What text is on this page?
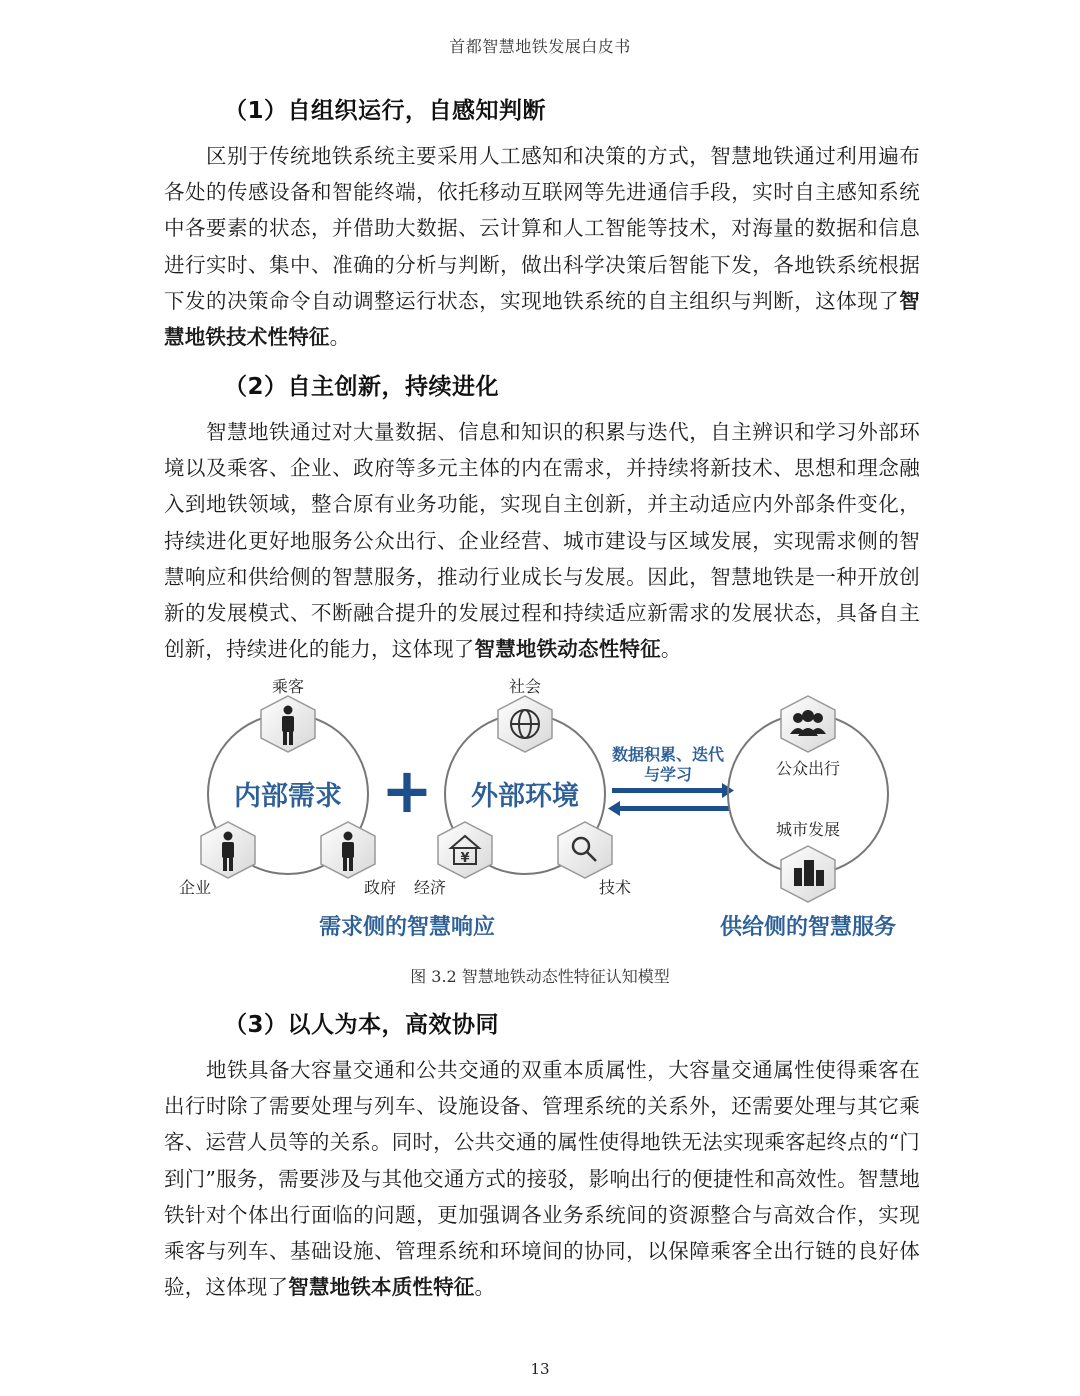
首都智慧地铁发展白皮书
（1）自组织运行，自感知判断
区别于传统地铁系统主要采用人工感知和决策的方式，智慧地铁通过利用遍布各处的传感设备和智能终端，依托移动互联网等先进通信手段，实时自主感知系统中各要素的状态，并借助大数据、云计算和人工智能等技术，对海量的数据和信息进行实时、集中、准确的分析与判断，做出科学决策后智能下发，各地铁系统根据下发的决策命令自动调整运行状态，实现地铁系统的自主组织与判断，这体现了智慧地铁技术性特征。
（2）自主创新，持续进化
智慧地铁通过对大量数据、信息和知识的积累与迭代，自主辨识和学习外部环境以及乘客、企业、政府等多元主体的内在需求，并持续将新技术、思想和理念融入到地铁领域，整合原有业务功能，实现自主创新，并主动适应内外部条件变化，持续进化更好地服务公众出行、企业经营、城市建设与区域发展，实现需求侧的智慧响应和供给侧的智慧服务，推动行业成长与发展。因此，智慧地铁是一种开放创新的发展模式、不断融合提升的发展过程和持续适应新需求的发展状态，具备自主创新，持续进化的能力，这体现了智慧地铁动态性特征。
内部需求
乘客
企业	政府
+ 外部环境
社会
¥
经济	技术
数据积累、迭代
与学习	公众出行
城市发展
需求侧的智慧响应	供给侧的智慧服务
图 3.2 智慧地铁动态性特征认知模型
（3）以人为本，高效协同
地铁具备大容量交通和公共交通的双重本质属性，大容量交通属性使得乘客在出行时除了需要处理与列车、设施设备、管理系统的关系外，还需要处理与其它乘客、运营人员等的关系。同时，公共交通的属性使得地铁无法实现乘客起终点的“门到门”服务，需要涉及与其他交通方式的接驳，影响出行的便捷性和高效性。智慧地铁针对个体出行面临的问题，更加强调各业务系统间的资源整合与高效合作，实现乘客与列车、基础设施、管理系统和环境间的协同，以保障乘客全出行链的良好体验，这体现了智慧地铁本质性特征。
13
